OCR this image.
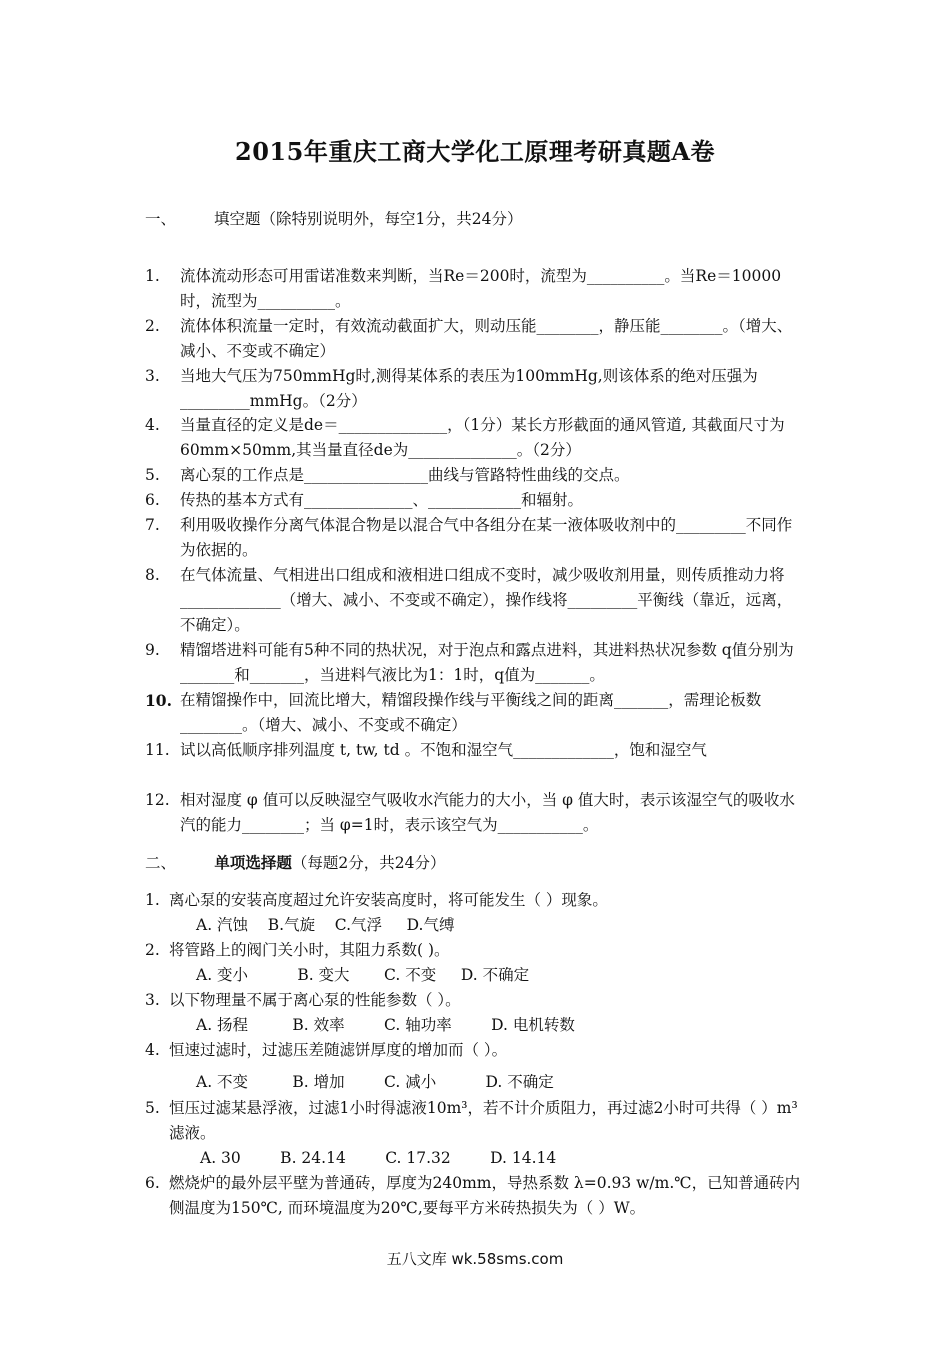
2015年重庆工商大学化工原理考研真题A卷
一、 填空题（除特别说明外，每空1分，共24分）
1. 流体流动形态可用雷诺准数来判断，当Re＝200时，流型为__________。当Re＝10000时，流型为__________。
2. 流体体积流量一定时，有效流动截面扩大，则动压能________，静压能________。（增大、减小、不变或不确定）
3. 当地大气压为750mmHg时,测得某体系的表压为100mmHg,则该体系的绝对压强为_________mmHg。（2分）
4. 当量直径的定义是de＝______________，（1分）某长方形截面的通风管道, 其截面尺寸为60mm×50mm,其当量直径de为______________。（2分）
5. 离心泵的工作点是________________曲线与管路特性曲线的交点。
6. 传热的基本方式有______________、____________和辐射。
7. 利用吸收操作分离气体混合物是以混合气中各组分在某一液体吸收剂中的_________不同作为依据的。
8. 在气体流量、气相进出口组成和液相进口组成不变时，减少吸收剂用量，则传质推动力将_____________（增大、减小、不变或不确定），操作线将_________平衡线（靠近，远离，不确定）。
9. 精馏塔进料可能有5种不同的热状况，对于泡点和露点进料，其进料热状况参数 q值分别为_______和_______，当进料气液比为1：1时，q值为_______。
10. 在精馏操作中，回流比增大，精馏段操作线与平衡线之间的距离_______，需理论板数________。（增大、减小、不变或不确定）
11. 试以高低顺序排列温度 t, tw, td 。不饱和湿空气_____________，饱和湿空气
12. 相对湿度 φ 值可以反映湿空气吸收水汽能力的大小，当 φ 值大时，表示该湿空气的吸收水汽的能力________；当 φ=1时，表示该空气为___________。
二、 单项选择题（每题2分，共24分）
1. 离心泵的安装高度超过允许安装高度时，将可能发生（ ）现象。
A. 汽蚀    B.气旋    C.气浮     D.气缚
2. 将管路上的阀门关小时，其阻力系数( )。
A. 变小          B. 变大       C. 不变     D. 不确定
3. 以下物理量不属于离心泵的性能参数（ ）。
A. 扬程         B. 效率        C. 轴功率        D. 电机转数
4. 恒速过滤时，过滤压差随滤饼厚度的增加而（ ）。
A. 不变         B. 增加        C. 减小          D. 不确定
5. 恒压过滤某悬浮液，过滤1小时得滤液10m³，若不计介质阻力，再过滤2小时可共得（ ）m³滤液。
A. 30        B. 24.14        C. 17.32        D. 14.14
6. 燃烧炉的最外层平壁为普通砖，厚度为240mm，导热系数 λ=0.93 w/m.℃，已知普通砖内侧温度为150℃, 而环境温度为20℃,要每平方米砖热损失为（ ）W。
五八文库 wk.58sms.com
